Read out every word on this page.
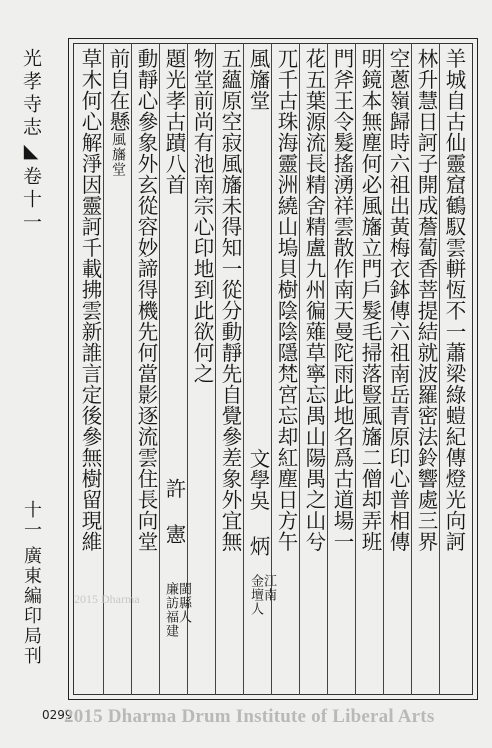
光孝寺志◣卷十一
十一廣東編印局刊
草木何心解淨因靈訶千載拂雲新誰言定後參無樹留現維 前自在懸風旛堂 動靜心參象外玄從容妙諦得機先何當影逐流雲住長向堂 題光孝古蹟八首
許 憲
廉訪福建
閩縣人
物堂前尚有池南宗心印地到此欲何之 五蘊原空寂風旛未得知一從分動靜先自覺參差象外宜無 風旛堂
文學吳 炳
江南
金壇人
兀千古珠海靈洲繞山塢貝樹陰陰隱梵宮忘却紅塵日方午 花五葉源流長精舍精盧九州徧薙草寧忘禺山陽禺之山兮 門斧王令髮搖湧祥雲散作南天曼陀雨此地名爲古道場一 明鏡本無塵何必風旛立門戶髮毛掃落豎風旛二僧却弄班 空蔥嶺歸時六祖出黃梅衣鉢傳六祖南岳青原印心普相傳 林升慧日訶子開成薝蔔香菩提結就波羅密法鈴響處三界 羊城自古仙靈窟鶴馭雲軿恆不一蕭梁綠螘紀傳燈光向訶
2015 Dharma
0299
2015 Dharma Drum Institute of Liberal Arts
